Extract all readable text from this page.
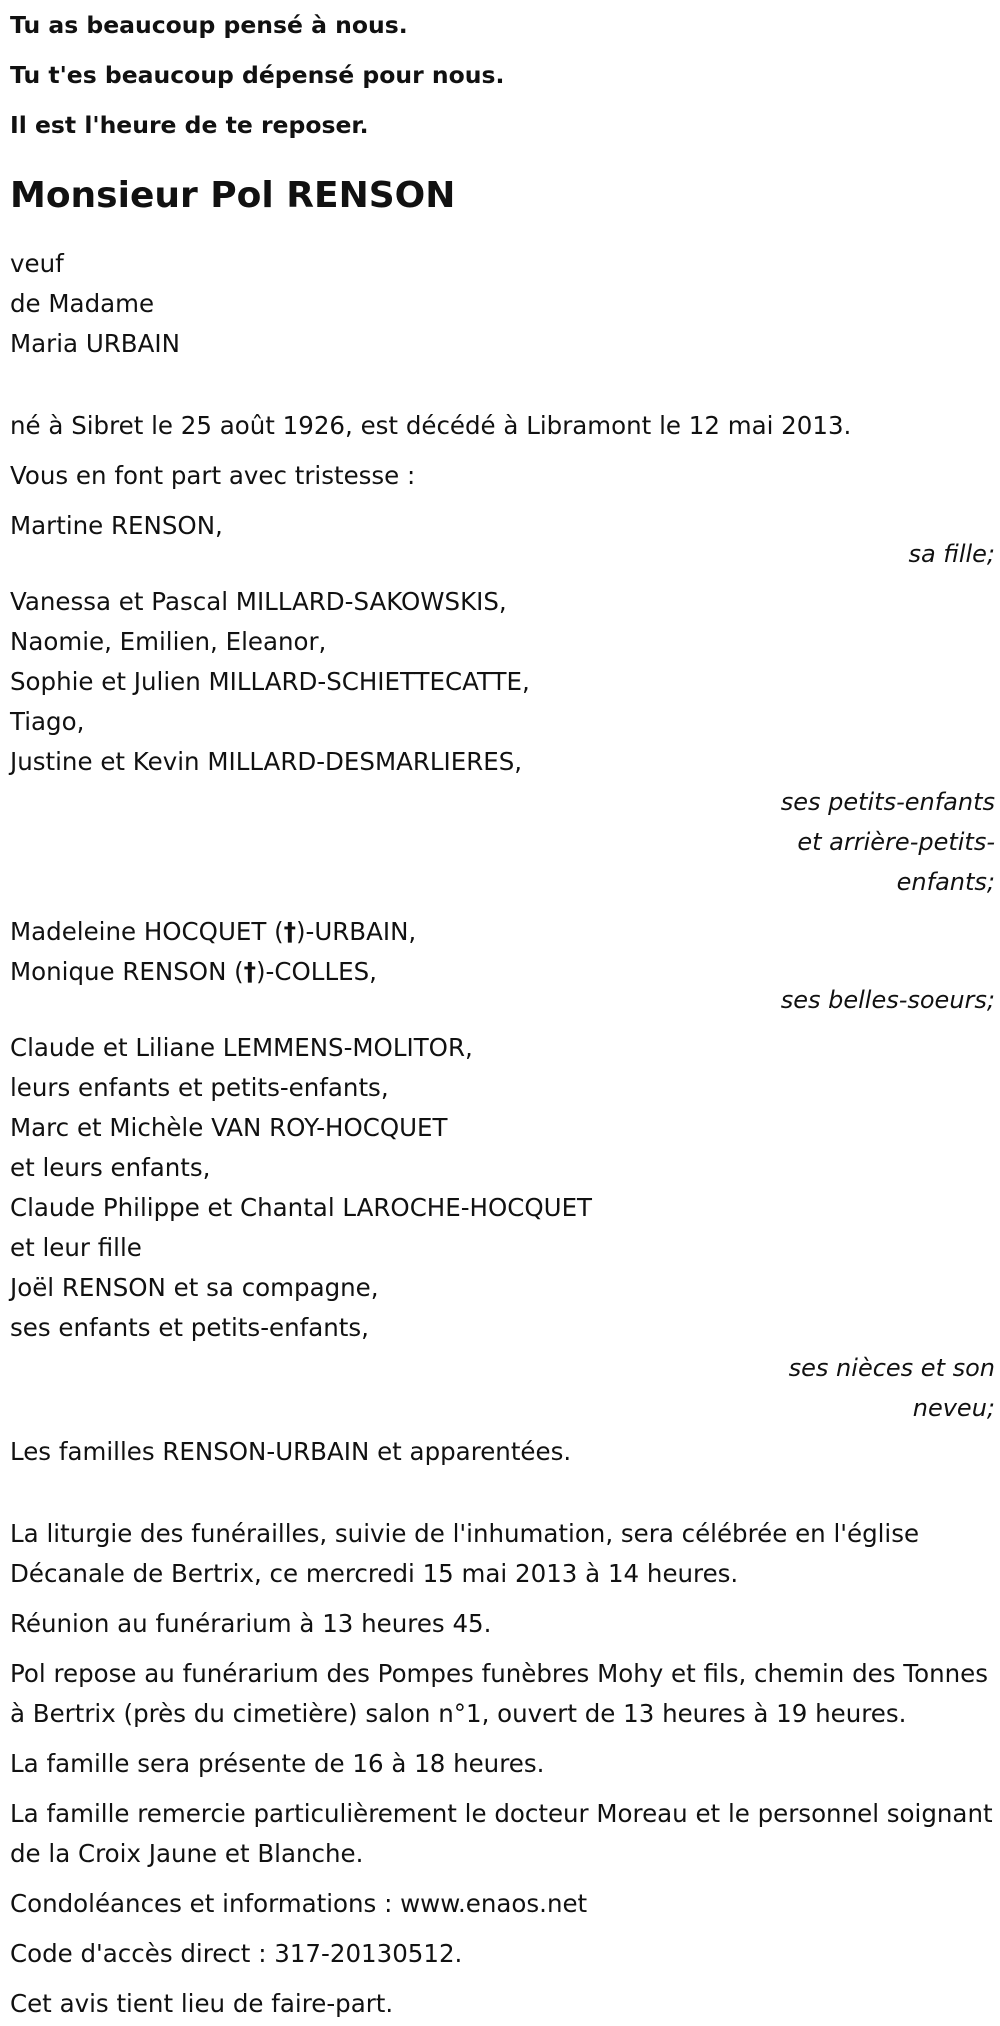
Tu as beaucoup pensé à nous.
Tu t'es beaucoup dépensé pour nous.
Il est l'heure de te reposer.
Monsieur Pol RENSON
veuf
de Madame
Maria URBAIN
né à Sibret le 25 août 1926, est décédé à Libramont le 12 mai 2013.
Vous en font part avec tristesse :
Martine RENSON,
sa fille;
Vanessa et Pascal MILLARD-SAKOWSKIS,
Naomie, Emilien, Eleanor,
Sophie et Julien MILLARD-SCHIETTECATTE,
Tiago,
Justine et Kevin MILLARD-DESMARLIERES,
ses petits-enfants et arrière-petits-enfants;
Madeleine HOCQUET (†)-URBAIN,
Monique RENSON (†)-COLLES,
ses belles-soeurs;
Claude et Liliane LEMMENS-MOLITOR,
leurs enfants et petits-enfants,
Marc et Michèle VAN ROY-HOCQUET
et leurs enfants,
Claude Philippe et Chantal LAROCHE-HOCQUET
et leur fille
Joël RENSON et sa compagne,
ses enfants et petits-enfants,
ses nièces et son neveu;
Les familles RENSON-URBAIN et apparentées.
La liturgie des funérailles, suivie de l'inhumation, sera célébrée en l'église Décanale de Bertrix, ce mercredi 15 mai 2013 à 14 heures.
Réunion au funérarium à 13 heures 45.
Pol repose au funérarium des Pompes funèbres Mohy et fils, chemin des Tonnes à Bertrix (près du cimetière) salon n°1, ouvert de 13 heures à 19 heures.
La famille sera présente de 16 à 18 heures.
La famille remercie particulièrement le docteur Moreau et le personnel soignant de la Croix Jaune et Blanche.
Condoléances et informations : www.enaos.net
Code d'accès direct : 317-20130512.
Cet avis tient lieu de faire-part.
